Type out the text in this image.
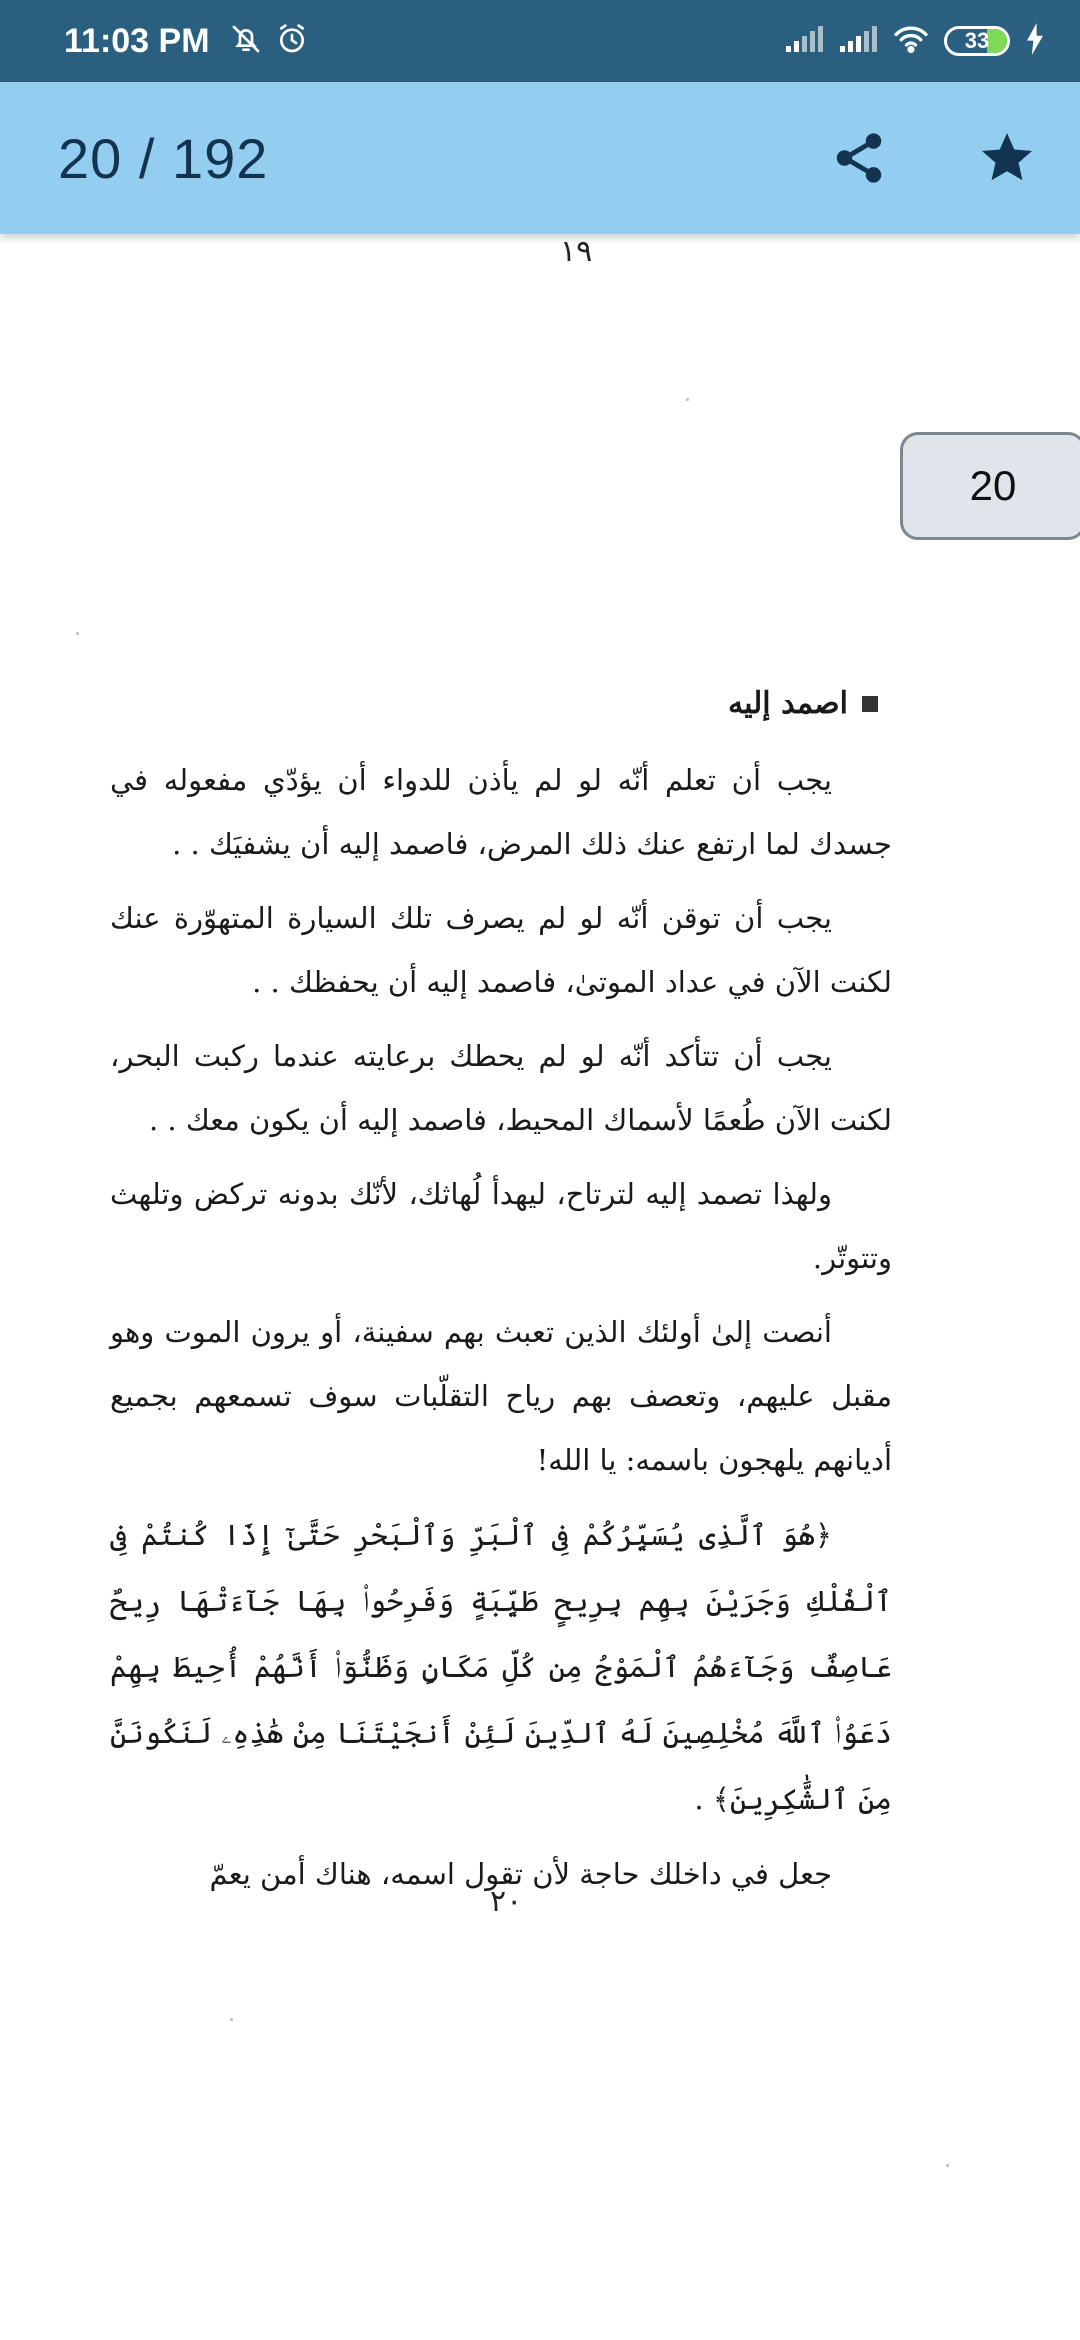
11:03 PM	33
20 / 192
١٩
20
اصمد إليه

يجب أن تعلم أنّه لو لم يأذن للدواء أن يؤدّي مفعوله في جسدك لما ارتفع عنك ذلك المرض، فاصمد إليه أن يشفيَك . .

يجب أن توقن أنّه لو لم يصرف تلك السيارة المتهوّرة عنك لكنت الآن في عداد الموتىٰ، فاصمد إليه أن يحفظك . .

يجب أن تتأكد أنّه لو لم يحطك برعايته عندما ركبت البحر، لكنت الآن طُعمًا لأسماك المحيط، فاصمد إليه أن يكون معك . .

ولهذا تصمد إليه لترتاح، ليهدأ لُهاثك، لأنّك بدونه تركض وتلهث وتتوتّر.

أنصت إلىٰ أولئك الذين تعبث بهم سفينة، أو يرون الموت وهو مقبل عليهم، وتعصف بهم رياح التقلّبات سوف تسمعهم بجميع أديانهم يلهجون باسمه: يا الله!

﴿هُوَ ٱلَّذِى يُسَيِّرُكُمْ فِى ٱلْبَرِّ وَٱلْبَحْرِ حَتَّىٰٓ إِذَا كُنتُمْ فِى ٱلْفُلْكِ وَجَرَيْنَ بِهِم بِرِيحٍ طَيِّبَةٍ وَفَرِحُوا۟ بِهَا جَآءَتْهَا رِيحٌ عَاصِفٌ وَجَآءَهُمُ ٱلْمَوْجُ مِن كُلِّ مَكَانٍ وَظَنُّوٓا۟ أَنَّهُمْ أُحِيطَ بِهِمْ دَعَوُا۟ ٱللَّهَ مُخْلِصِينَ لَهُ ٱلدِّينَ لَئِنْ أَنجَيْتَنَا مِنْ هَٰذِهِۦ لَنَكُونَنَّ مِنَ ٱلشَّٰكِرِينَ﴾ .

جعل في داخلك حاجة لأن تقول اسمه، هناك أمن يعمّ

٢٠
